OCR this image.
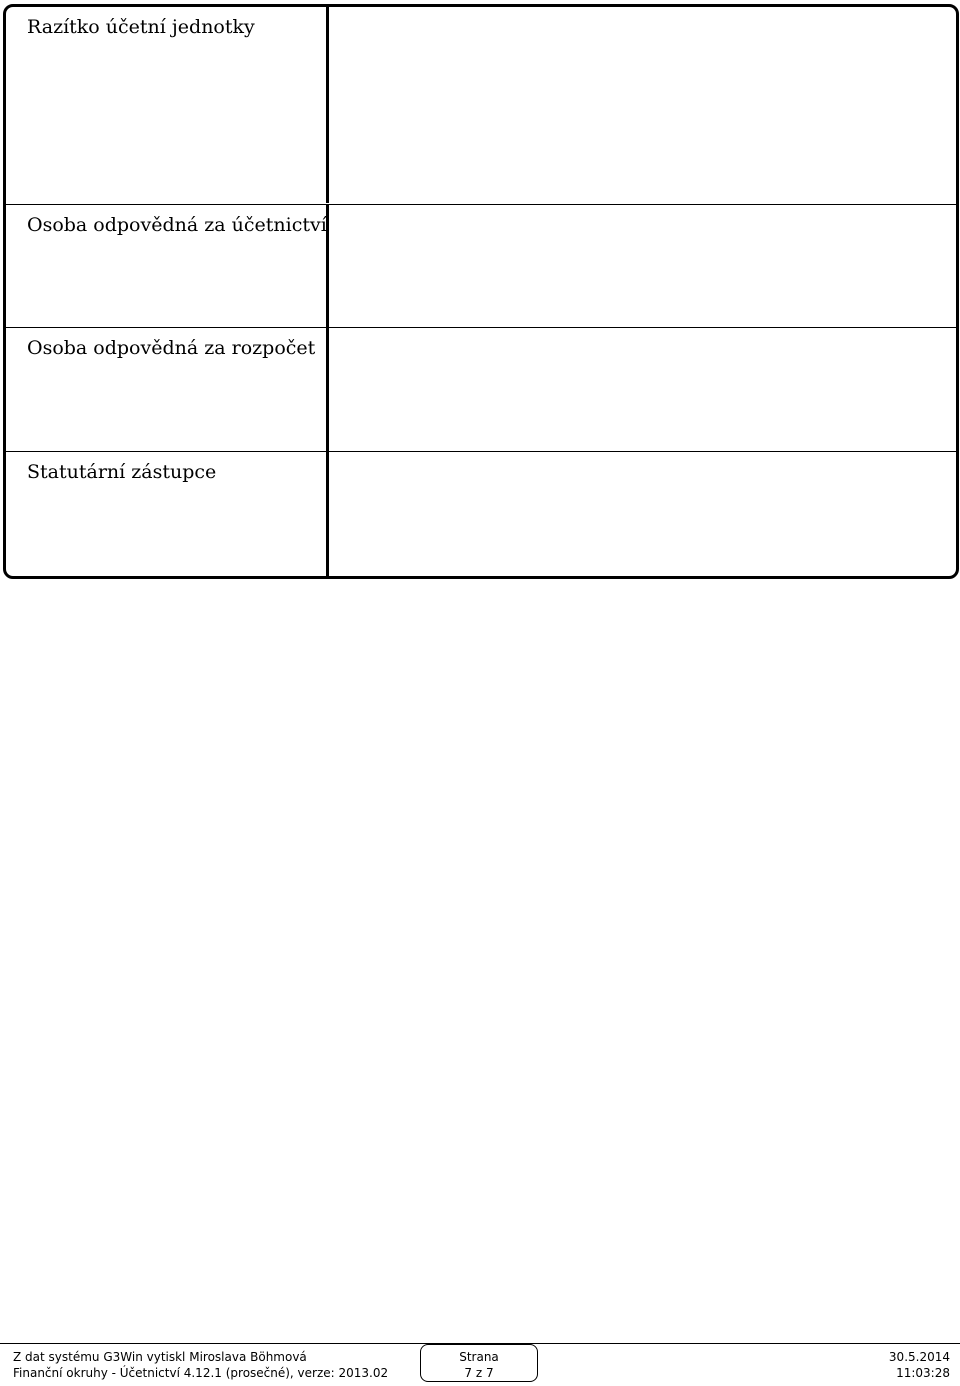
Razítko účetní jednotky
Osoba odpovědná za účetnictví
Osoba odpovědná za rozpočet
Statutární zástupce
Z dat systému G3Win vytiskl Miroslava Böhmová
Finanční okruhy - Účetnictví 4.12.1 (prosečné), verze: 2013.02
Strana
7 z 7
30.5.2014
11:03:28
